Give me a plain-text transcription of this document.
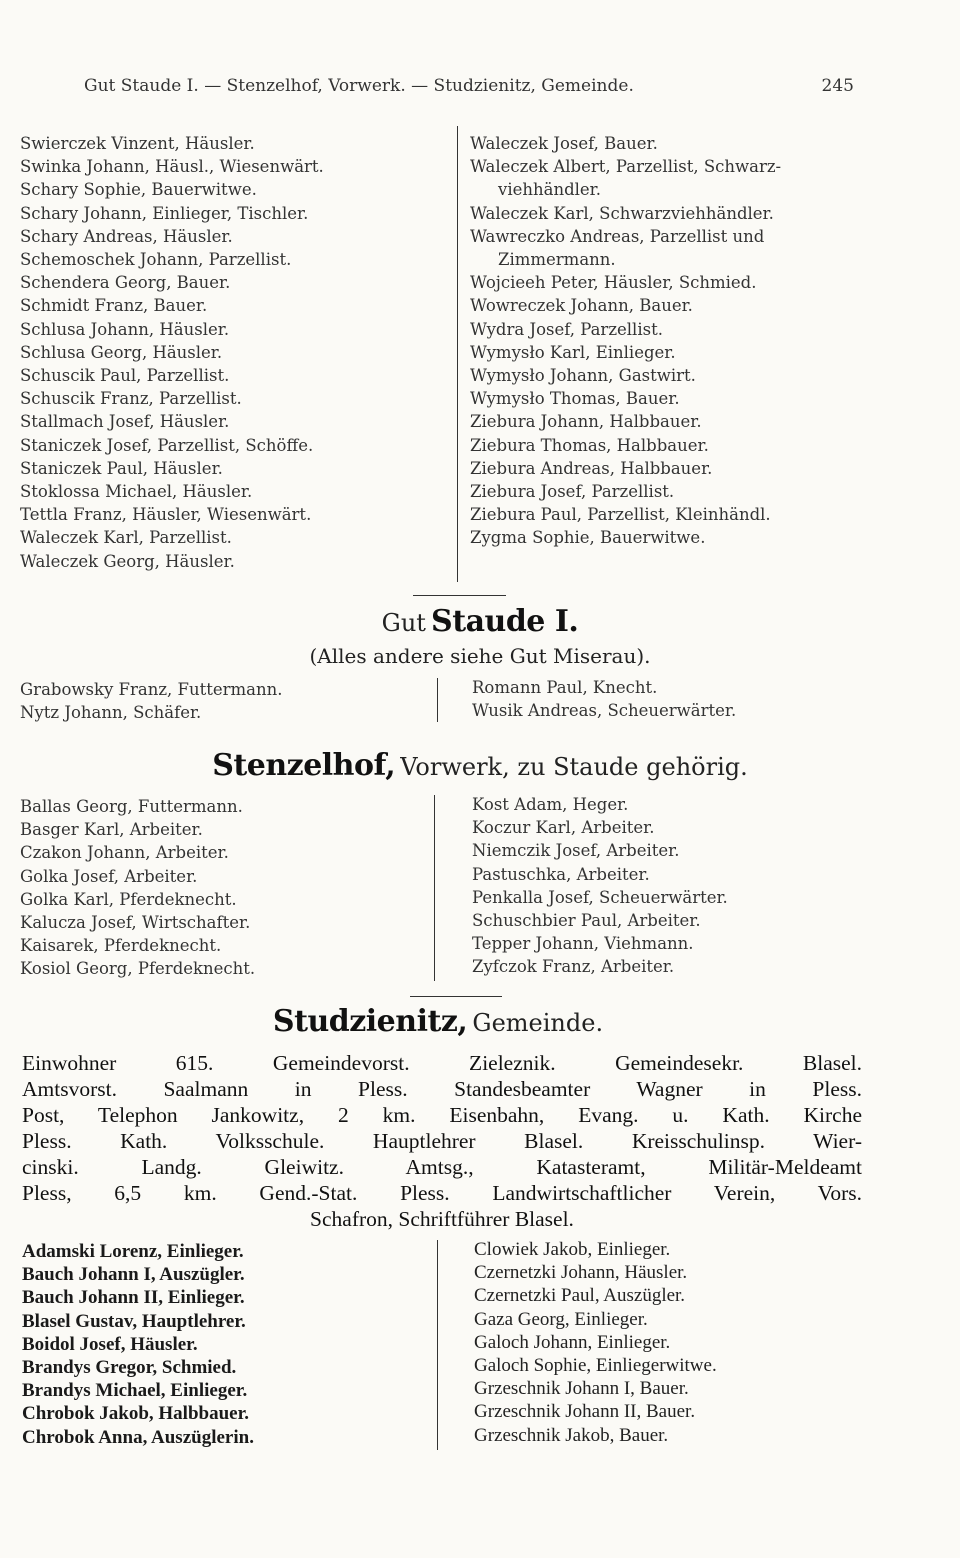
Gut Staude I. — Stenzelhof, Vorwerk. — Studzienitz, Gemeinde.	245
Swierczek Vinzent, Häusler.
Swinka Johann, Häusl., Wiesenwärt.
Schary Sophie, Bauerwitwe.
Schary Johann, Einlieger, Tischler.
Schary Andreas, Häusler.
Schemoschek Johann, Parzellist.
Schendera Georg, Bauer.
Schmidt Franz, Bauer.
Schlusa Johann, Häusler.
Schlusa Georg, Häusler.
Schuscik Paul, Parzellist.
Schuscik Franz, Parzellist.
Stallmach Josef, Häusler.
Staniczek Josef, Parzellist, Schöffe.
Staniczek Paul, Häusler.
Stoklossa Michael, Häusler.
Tettla Franz, Häusler, Wiesenwärt.
Waleczek Karl, Parzellist.
Waleczek Georg, Häusler.
Waleczek Josef, Bauer.
Waleczek Albert, Parzellist, Schwarz-
viehhändler.
Waleczek Karl, Schwarzviehhändler.
Wawreczko Andreas, Parzellist und
Zimmermann.
Wojcieeh Peter, Häusler, Schmied.
Wowreczek Johann, Bauer.
Wydra Josef, Parzellist.
Wymysło Karl, Einlieger.
Wymysło Johann, Gastwirt.
Wymysło Thomas, Bauer.
Ziebura Johann, Halbbauer.
Ziebura Thomas, Halbbauer.
Ziebura Andreas, Halbbauer.
Ziebura Josef, Parzellist.
Ziebura Paul, Parzellist, Kleinhändl.
Zygma Sophie, Bauerwitwe.
Gut Staude I.
(Alles andere siehe Gut Miserau).
Grabowsky Franz, Futtermann.
Nytz Johann, Schäfer.
Romann Paul, Knecht.
Wusik Andreas, Scheuerwärter.
Stenzelhof, Vorwerk, zu Staude gehörig.
Ballas Georg, Futtermann.
Basger Karl, Arbeiter.
Czakon Johann, Arbeiter.
Golka Josef, Arbeiter.
Golka Karl, Pferdeknecht.
Kalucza Josef, Wirtschafter.
Kaisarek, Pferdeknecht.
Kosiol Georg, Pferdeknecht.
Kost Adam, Heger.
Koczur Karl, Arbeiter.
Niemczik Josef, Arbeiter.
Pastuschka, Arbeiter.
Penkalla Josef, Scheuerwärter.
Schuschbier Paul, Arbeiter.
Tepper Johann, Viehmann.
Zyfczok Franz, Arbeiter.
Studzienitz, Gemeinde.
Einwohner 615. Gemeindevorst. Zieleznik. Gemeindesekr. Blasel.
Amtsvorst. Saalmann in Pless. Standesbeamter Wagner in Pless.
Post, Telephon Jankowitz, 2 km. Eisenbahn, Evang. u. Kath. Kirche
Pless. Kath. Volksschule. Hauptlehrer Blasel. Kreisschulinsp. Wier-
cinski. Landg. Gleiwitz. Amtsg., Katasteramt, Militär-Meldeamt
Pless, 6,5 km. Gend.-Stat. Pless. Landwirtschaftlicher Verein, Vors.
Schafron, Schriftführer Blasel.
Adamski Lorenz, Einlieger.
Bauch Johann I, Auszügler.
Bauch Johann II, Einlieger.
Blasel Gustav, Hauptlehrer.
Boidol Josef, Häusler.
Brandys Gregor, Schmied.
Brandys Michael, Einlieger.
Chrobok Jakob, Halbbauer.
Chrobok Anna, Auszüglerin.
Clowiek Jakob, Einlieger.
Czernetzki Johann, Häusler.
Czernetzki Paul, Auszügler.
Gaza Georg, Einlieger.
Galoch Johann, Einlieger.
Galoch Sophie, Einliegerwitwe.
Grzeschnik Johann I, Bauer.
Grzeschnik Johann II, Bauer.
Grzeschnik Jakob, Bauer.
